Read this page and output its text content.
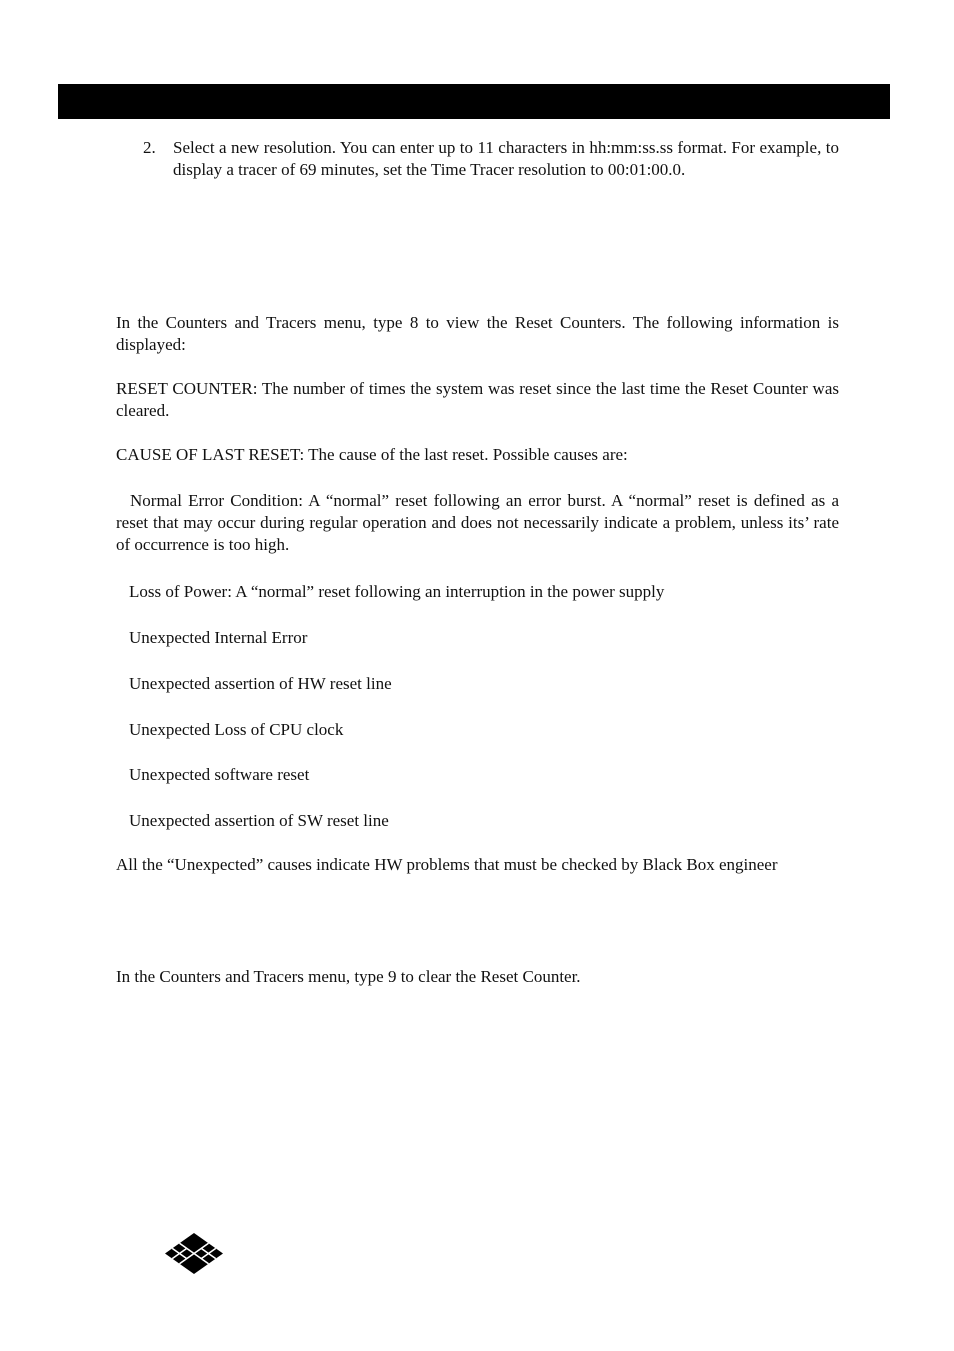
2. Select a new resolution. You can enter up to 11 characters in hh:mm:ss.ss format. For example, to display a tracer of 69 minutes, set the Time Tracer resolution to 00:01:00.0.

In the Counters and Tracers menu, type 8 to view the Reset Counters. The following information is displayed:

RESET COUNTER: The number of times the system was reset since the last time the Reset Counter was cleared.

CAUSE OF LAST RESET: The cause of the last reset. Possible causes are:

Normal Error Condition: A “normal” reset following an error burst. A “normal” reset is defined as a reset that may occur during regular operation and does not necessarily indicate a problem, unless its’ rate of occurrence is too high.

Loss of Power: A “normal” reset following an interruption in the power supply

Unexpected Internal Error

Unexpected assertion of HW reset line

Unexpected Loss of CPU clock

Unexpected software reset

Unexpected assertion of SW reset line

All the “Unexpected” causes indicate HW problems that must be checked by Black Box engineer

In the Counters and Tracers menu, type 9 to clear the Reset Counter.
